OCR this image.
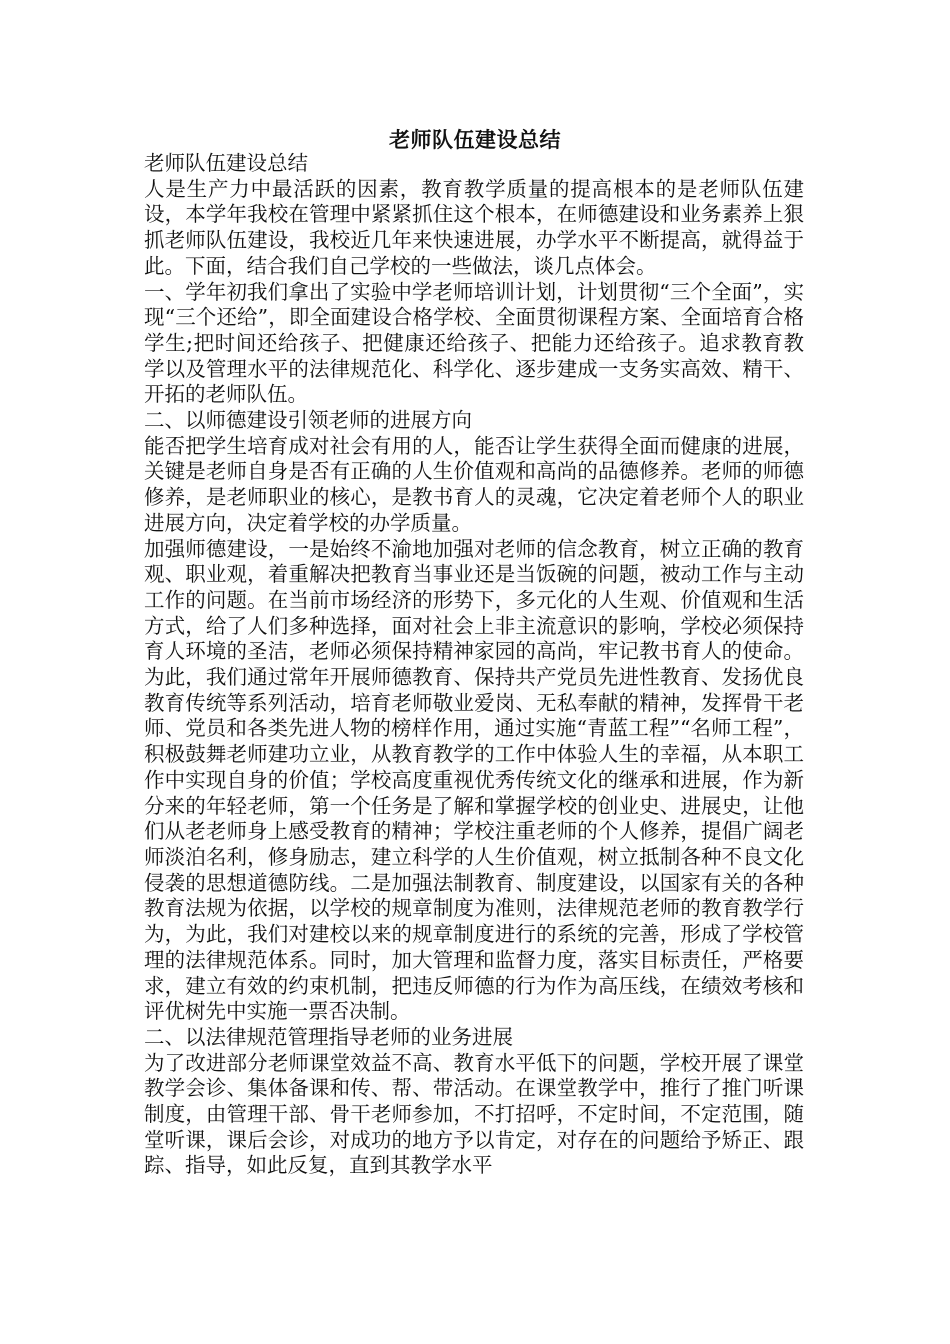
老师队伍建设总结

老师队伍建设总结

人是生产力中最活跃的因素，教育教学质量的提高根本的是老师队伍建设，本学年我校在管理中紧紧抓住这个根本，在师德建设和业务素养上狠抓老师队伍建设，我校近几年来快速进展，办学水平不断提高，就得益于此。下面，结合我们自己学校的一些做法，谈几点体会。

一、学年初我们拿出了实验中学老师培训计划，计划贯彻“三个全面”，实现“三个还给”，即全面建设合格学校、全面贯彻课程方案、全面培育合格学生;把时间还给孩子、把健康还给孩子、把能力还给孩子。追求教育教学以及管理水平的法律规范化、科学化、逐步建成一支务实高效、精干、开拓的老师队伍。

二、以师德建设引领老师的进展方向

能否把学生培育成对社会有用的人，能否让学生获得全面而健康的进展，关键是老师自身是否有正确的人生价值观和高尚的品德修养。老师的师德修养，是老师职业的核心，是教书育人的灵魂，它决定着老师个人的职业进展方向，决定着学校的办学质量。

加强师德建设，一是始终不渝地加强对老师的信念教育，树立正确的教育观、职业观，着重解决把教育当事业还是当饭碗的问题，被动工作与主动工作的问题。在当前市场经济的形势下，多元化的人生观、价值观和生活方式，给了人们多种选择，面对社会上非主流意识的影响，学校必须保持育人环境的圣洁，老师必须保持精神家园的高尚，牢记教书育人的使命。为此，我们通过常年开展师德教育、保持共产党员先进性教育、发扬优良教育传统等系列活动，培育老师敬业爱岗、无私奉献的精神，发挥骨干老师、党员和各类先进人物的榜样作用，通过实施“青蓝工程”“名师工程”，积极鼓舞老师建功立业，从教育教学的工作中体验人生的幸福，从本职工作中实现自身的价值；学校高度重视优秀传统文化的继承和进展，作为新分来的年轻老师，第一个任务是了解和掌握学校的创业史、进展史，让他们从老老师身上感受教育的精神；学校注重老师的个人修养，提倡广阔老师淡泊名利，修身励志，建立科学的人生价值观，树立抵制各种不良文化侵袭的思想道德防线。二是加强法制教育、制度建设，以国家有关的各种教育法规为依据，以学校的规章制度为准则，法律规范老师的教育教学行为，为此，我们对建校以来的规章制度进行的系统的完善，形成了学校管理的法律规范体系。同时，加大管理和监督力度，落实目标责任，严格要求，建立有效的约束机制，把违反师德的行为作为高压线，在绩效考核和评优树先中实施一票否决制。

二、以法律规范管理指导老师的业务进展

为了改进部分老师课堂效益不高、教育水平低下的问题，学校开展了课堂教学会诊、集体备课和传、帮、带活动。在课堂教学中，推行了推门听课制度，由管理干部、骨干老师参加，不打招呼，不定时间，不定范围，随堂听课，课后会诊，对成功的地方予以肯定，对存在的问题给予矫正、跟踪、指导，如此反复，直到其教学水平
